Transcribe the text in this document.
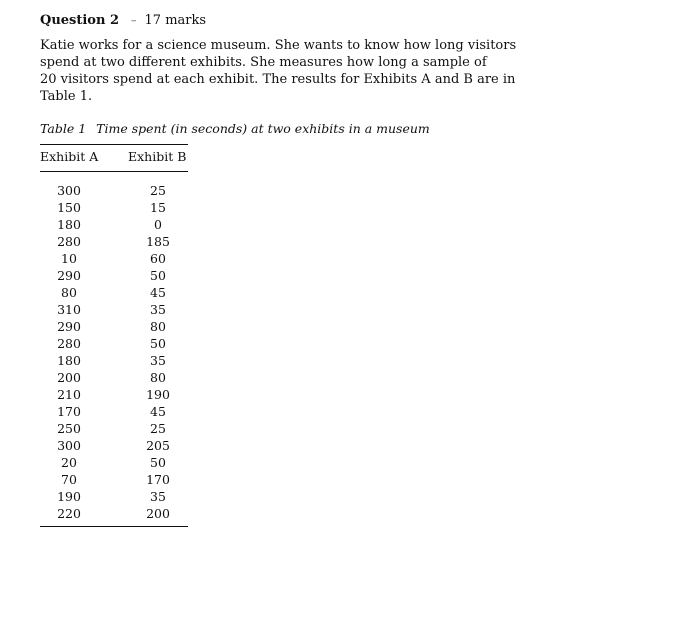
Question 2 – 17 marks
Katie works for a science museum. She wants to know how long visitors
spend at two different exhibits. She measures how long a sample of
20 visitors spend at each exhibit. The results for Exhibits A and B are in
Table 1.
Table 1 Time spent (in seconds) at two exhibits in a museum
Exhibit A	Exhibit B
300	25
150	15
180	0
280	185
10	60
290	50
80	45
310	35
290	80
280	50
180	35
200	80
210	190
170	45
250	25
300	205
20	50
70	170
190	35
220	200
